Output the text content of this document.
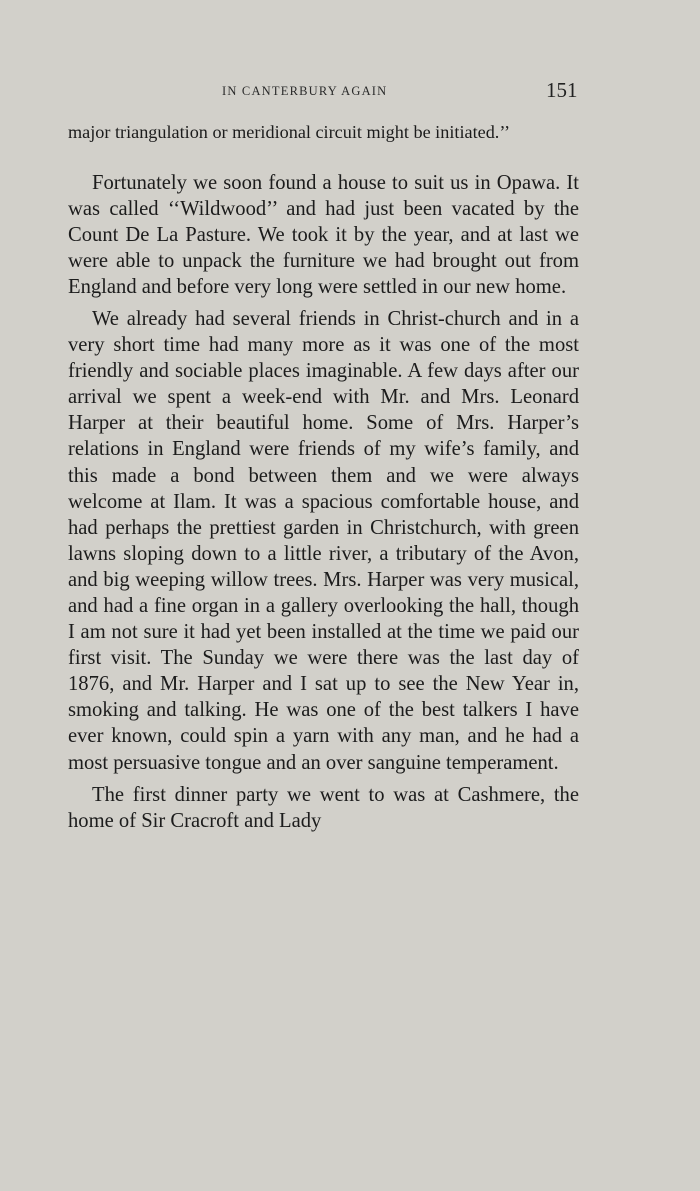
IN CANTERBURY AGAIN	151

major triangulation or meridional circuit might be initiated.’’

Fortunately we soon found a house to suit us in Opawa. It was called ‘‘Wildwood’’ and had just been vacated by the Count De La Pasture. We took it by the year, and at last we were able to unpack the furniture we had brought out from England and before very long were settled in our new home.

We already had several friends in Christ-church and in a very short time had many more as it was one of the most friendly and sociable places imaginable. A few days after our arrival we spent a week-end with Mr. and Mrs. Leonard Harper at their beautiful home. Some of Mrs. Harper’s relations in England were friends of my wife’s family, and this made a bond between them and we were always welcome at Ilam. It was a spacious comfortable house, and had perhaps the prettiest garden in Christchurch, with green lawns sloping down to a little river, a tributary of the Avon, and big weeping willow trees. Mrs. Harper was very musical, and had a fine organ in a gallery overlooking the hall, though I am not sure it had yet been installed at the time we paid our first visit. The Sunday we were there was the last day of 1876, and Mr. Harper and I sat up to see the New Year in, smoking and talking. He was one of the best talkers I have ever known, could spin a yarn with any man, and he had a most persuasive tongue and an over sanguine temperament.

The first dinner party we went to was at Cashmere, the home of Sir Cracroft and Lady
